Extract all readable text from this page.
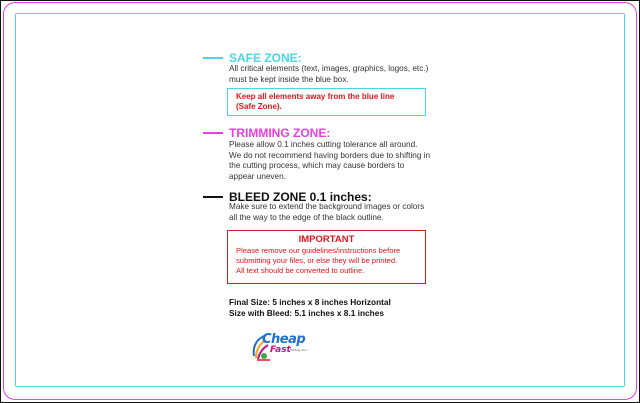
SAFE ZONE:
All critical elements (text, images, graphics, logos, etc.)
must be kept inside the blue box.
Keep all elements away from the blue line
(Safe Zone).
TRIMMING ZONE:
Please allow 0.1 inches cutting tolerance all around.
We do not recommend having borders due to shifting in
the cutting process, which may cause borders to
appear uneven.
BLEED ZONE 0.1 inches:
Make sure to extend the background images or colors
all the way to the edge of the black outline.
IMPORTANT
Please remove our guidelines/instructions before
submitting your files, or else they will be printed.
All text should be converted to outline.
Final Size: 5 inches x 8 inches Horizontal
Size with Bleed: 5.1 inches x 8.1 inches
Cheap
Fast Printing.com
